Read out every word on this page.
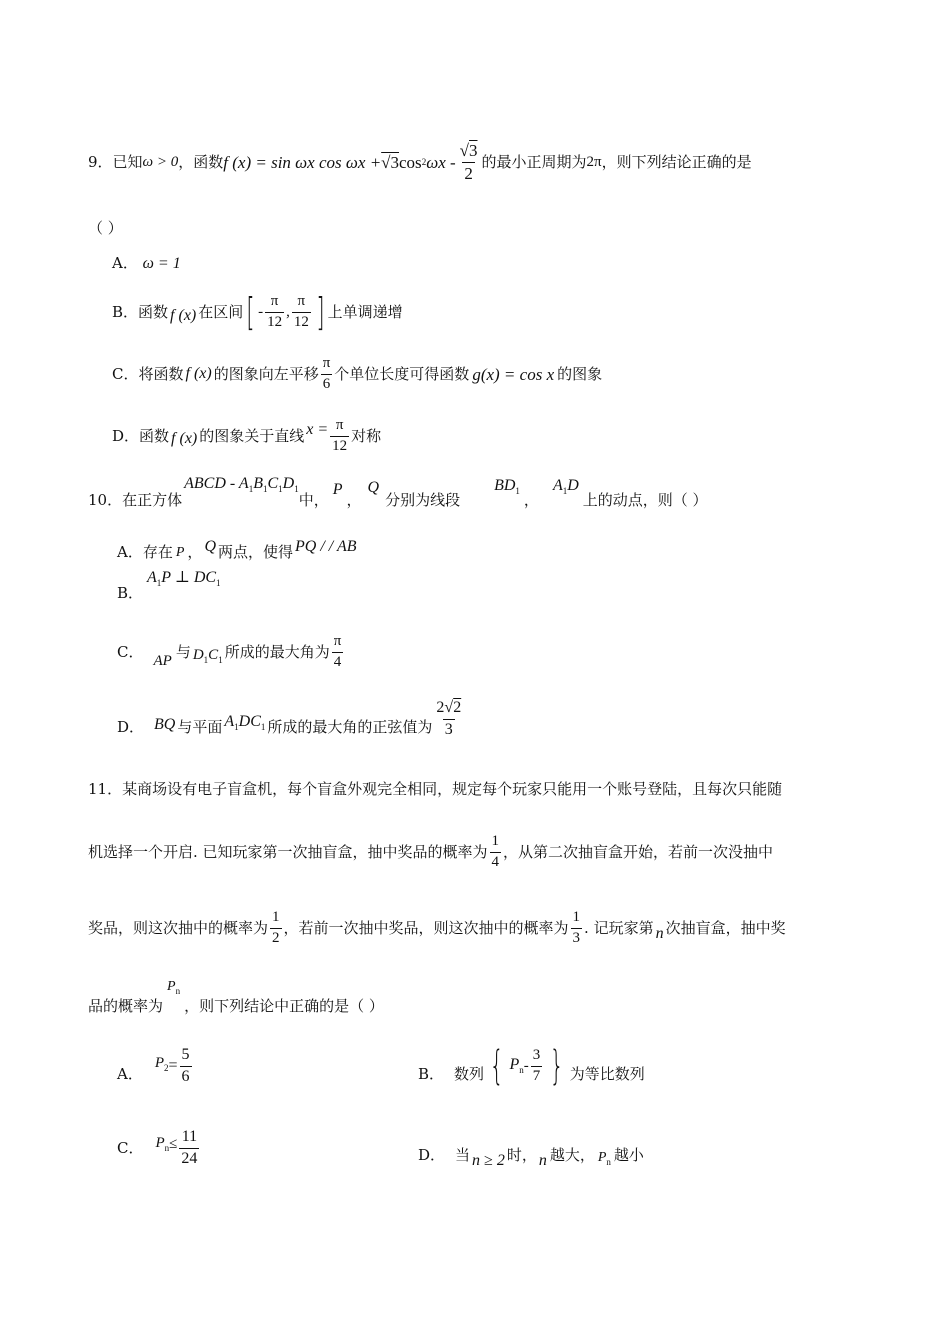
9．已知 ω > 0 ，函数 f (x) = sin ωx cos ωx + √3 cos 2 ωx - $\frac{√3}{2}$ 的最小正周期为 2π ，则下列结论正确的是
（ ）
A． ω = 1
B． 函数 f (x) 在区间 [ -
π
12
,
π
12 ] 上单调递增
C． 将函数 f (x) 的图象向左平移
π
6
个单位长度可得函数 g(x) = cos x 的图象
D． 函数 f (x) 的图象关于直线 $x = \frac{\pi}{12}$ 对称
10．在正方体
ABCD - $A_1B_1C_1D_1$
中，
P
，
Q
分别为线段
$BD_1$ ，
$A_1D$
上的动点，则（ ）
A． 存在 P ， Q 两点，使得 PQ / / AB
B．
$A_1P$ ⊥ $DC_1$
C． AP 与 $D_1C_1$ 所成的最大角为
π
4
D． BQ 与平面 $A_1DC_1$ 所成的最大角的正弦值为 $\frac{2√2}{3}$
11．某商场设有电子盲盒机，每个盲盒外观完全相同，规定每个玩家只能用一个账号登陆，且每次只能随
机选择一个开启. 已知玩家第一次抽盲盒，抽中奖品的概率为 $\frac{1}{4}$ ，从第二次抽盲盒开始，若前一次没抽中
奖品，则这次抽中的概率为
1
2
，若前一次抽中奖品，则这次抽中的概率为
1
3
. 记玩家第 n 次抽盲盒，抽中奖
品的概率为
$P_n$
，则下列结论中正确的是（ ）
A．
$P_2 = \frac{5}{6}$	B． 数列 { $P_n - \frac{3}{7}$ } 为等比数列
C． $P_n \le \frac{11}{24}$	D． 当 n ≥ 2 时， n 越大， $P_n$ 越小
